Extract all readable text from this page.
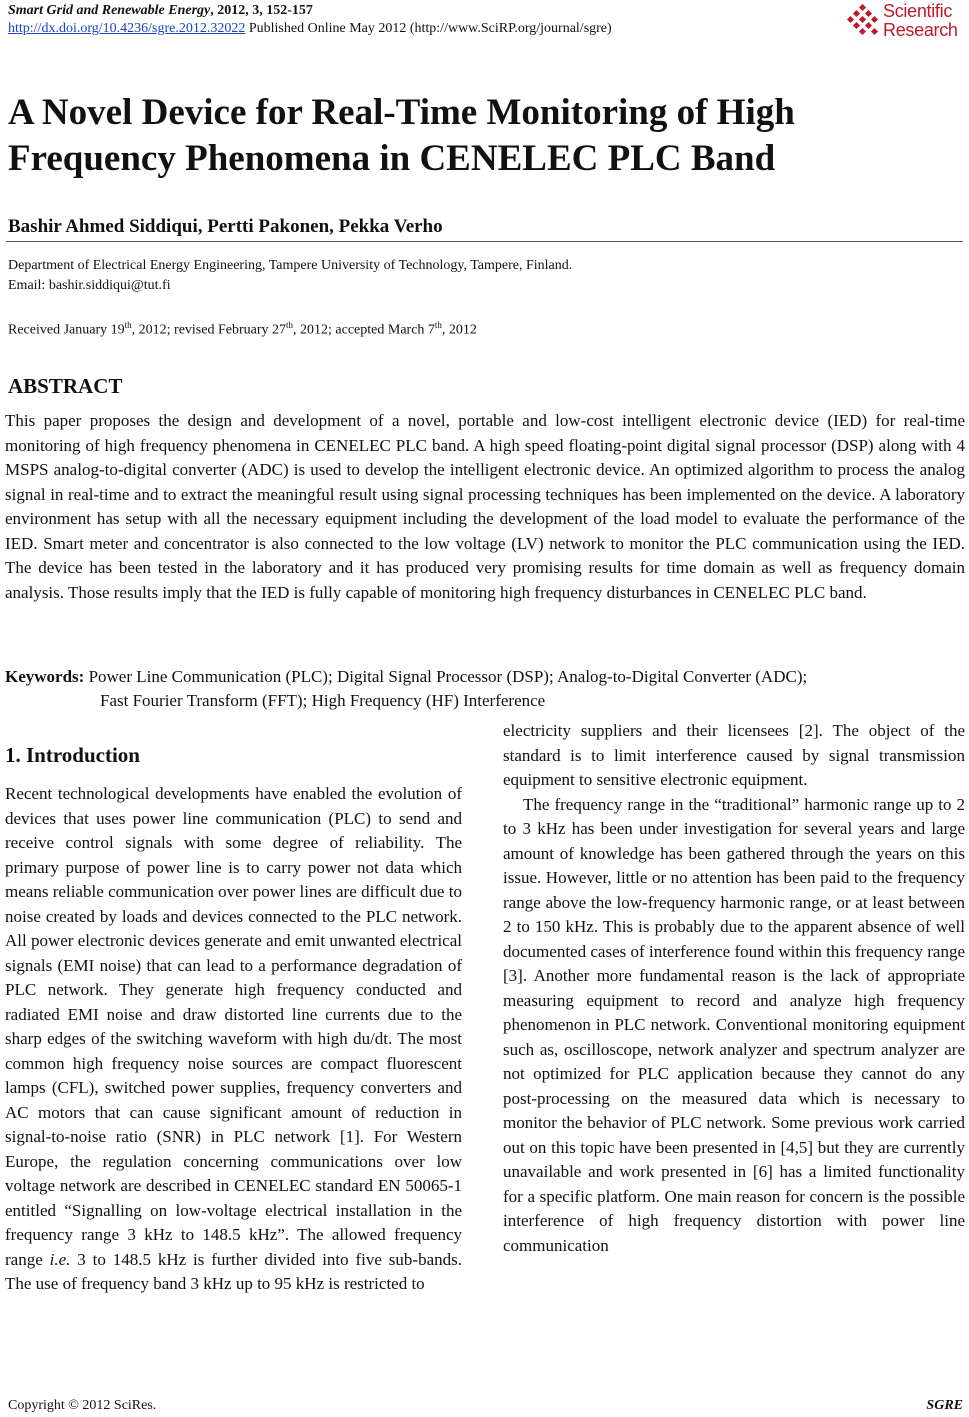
Smart Grid and Renewable Energy, 2012, 3, 152-157
http://dx.doi.org/10.4236/sgre.2012.32022 Published Online May 2012 (http://www.SciRP.org/journal/sgre)
Scientific
Research
A Novel Device for Real-Time Monitoring of High Frequency Phenomena in CENELEC PLC Band
Bashir Ahmed Siddiqui, Pertti Pakonen, Pekka Verho
Department of Electrical Energy Engineering, Tampere University of Technology, Tampere, Finland.
Email: bashir.siddiqui@tut.fi
Received January 19th, 2012; revised February 27th, 2012; accepted March 7th, 2012
ABSTRACT
This paper proposes the design and development of a novel, portable and low-cost intelligent electronic device (IED) for real-time monitoring of high frequency phenomena in CENELEC PLC band. A high speed floating-point digital signal processor (DSP) along with 4 MSPS analog-to-digital converter (ADC) is used to develop the intelligent electronic device. An optimized algorithm to process the analog signal in real-time and to extract the meaningful result using signal processing techniques has been implemented on the device. A laboratory environment has setup with all the necessary equipment including the development of the load model to evaluate the performance of the IED. Smart meter and concentrator is also connected to the low voltage (LV) network to monitor the PLC communication using the IED. The device has been tested in the laboratory and it has produced very promising results for time domain as well as frequency domain analysis. Those results imply that the IED is fully capable of monitoring high frequency disturbances in CENELEC PLC band.
Keywords: Power Line Communication (PLC); Digital Signal Processor (DSP); Analog-to-Digital Converter (ADC);
Fast Fourier Transform (FFT); High Frequency (HF) Interference
1. Introduction

Recent technological developments have enabled the evolution of devices that uses power line communication (PLC) to send and receive control signals with some degree of reliability. The primary purpose of power line is to carry power not data which means reliable communication over power lines are difficult due to noise created by loads and devices connected to the PLC network. All power electronic devices generate and emit unwanted electrical signals (EMI noise) that can lead to a performance degradation of PLC network. They generate high frequency conducted and radiated EMI noise and draw distorted line currents due to the sharp edges of the switching waveform with high du/dt. The most common high frequency noise sources are compact fluorescent lamps (CFL), switched power supplies, frequency converters and AC motors that can cause significant amount of reduction in signal-to-noise ratio (SNR) in PLC network [1]. For Western Europe, the regulation concerning communications over low voltage network are described in CENELEC standard EN 50065-1 entitled “Signalling on low-voltage electrical installation in the frequency range 3 kHz to 148.5 kHz”. The allowed frequency range i.e. 3 to 148.5 kHz is further divided into five sub-bands. The use of frequency band 3 kHz up to 95 kHz is restricted to

electricity suppliers and their licensees [2]. The object of the standard is to limit interference caused by signal transmission equipment to sensitive electronic equipment.

The frequency range in the “traditional” harmonic range up to 2 to 3 kHz has been under investigation for several years and large amount of knowledge has been gathered through the years on this issue. However, little or no attention has been paid to the frequency range above the low-frequency harmonic range, or at least between 2 to 150 kHz. This is probably due to the apparent absence of well documented cases of interference found within this frequency range [3]. Another more fundamental reason is the lack of appropriate measuring equipment to record and analyze high frequency phenomenon in PLC network. Conventional monitoring equipment such as, oscilloscope, network analyzer and spectrum analyzer are not optimized for PLC application because they cannot do any post-processing on the measured data which is necessary to monitor the behavior of PLC network. Some previous work carried out on this topic have been presented in [4,5] but they are currently unavailable and work presented in [6] has a limited functionality for a specific platform. One main reason for concern is the possible interference of high frequency distortion with power line communication

Copyright © 2012 SciRes.	SGRE
